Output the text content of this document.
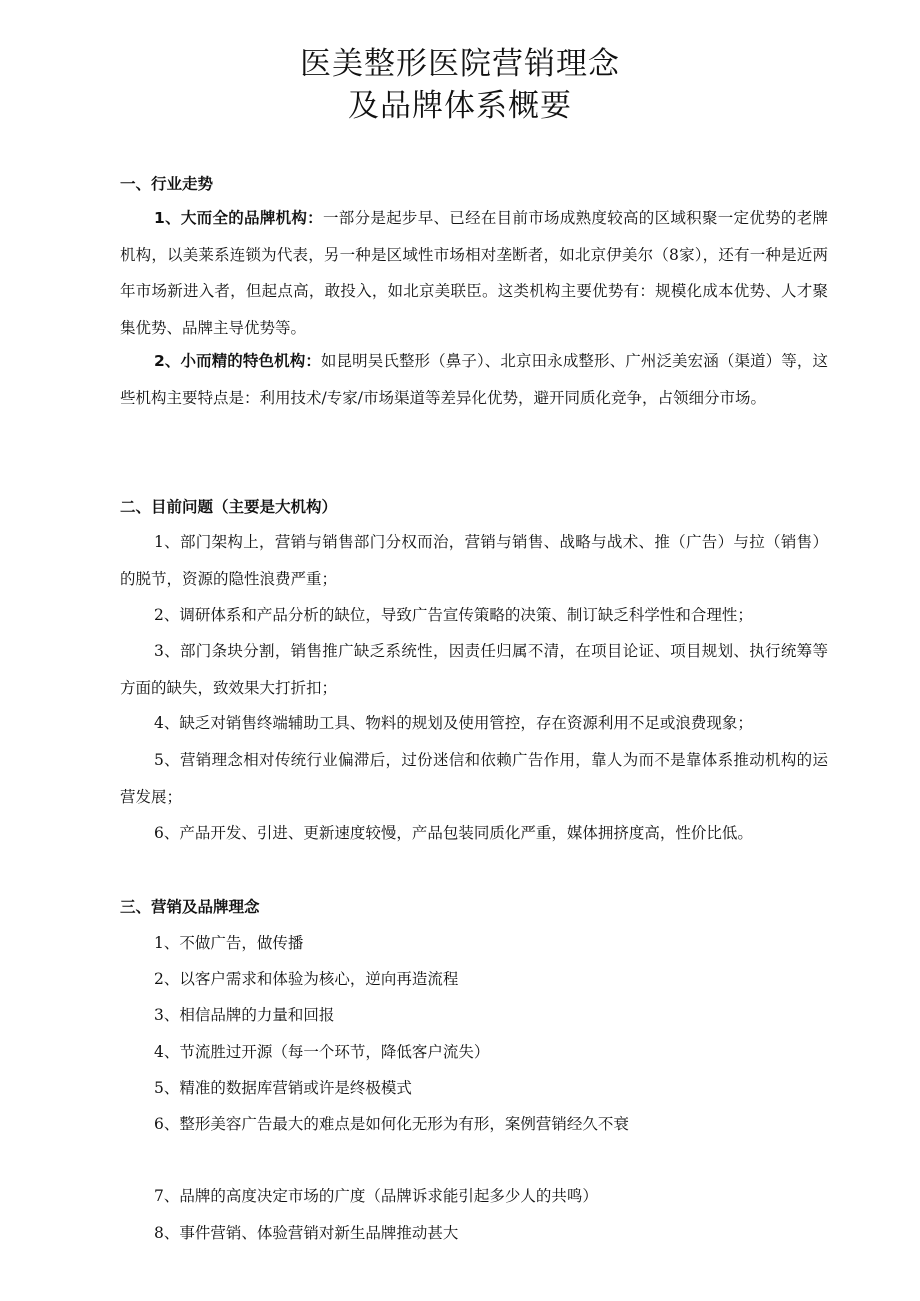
医美整形医院营销理念
及品牌体系概要
一、行业走势

1、大而全的品牌机构：一部分是起步早、已经在目前市场成熟度较高的区域积聚一定优势的老牌机构，以美莱系连锁为代表，另一种是区域性市场相对垄断者，如北京伊美尔（8家），还有一种是近两年市场新进入者，但起点高，敢投入，如北京美联臣。这类机构主要优势有：规模化成本优势、人才聚集优势、品牌主导优势等。

2、小而精的特色机构：如昆明吴氏整形（鼻子）、北京田永成整形、广州泛美宏涵（渠道）等，这些机构主要特点是：利用技术/专家/市场渠道等差异化优势，避开同质化竞争，占领细分市场。

二、目前问题（主要是大机构）

1、部门架构上，营销与销售部门分权而治，营销与销售、战略与战术、推（广告）与拉（销售）的脱节，资源的隐性浪费严重；

2、调研体系和产品分析的缺位，导致广告宣传策略的决策、制订缺乏科学性和合理性；

3、部门条块分割，销售推广缺乏系统性，因责任归属不清，在项目论证、项目规划、执行统筹等方面的缺失，致效果大打折扣；

4、缺乏对销售终端辅助工具、物料的规划及使用管控，存在资源利用不足或浪费现象；

5、营销理念相对传统行业偏滞后，过份迷信和依赖广告作用，靠人为而不是靠体系推动机构的运营发展；

6、产品开发、引进、更新速度较慢，产品包装同质化严重，媒体拥挤度高，性价比低。

三、营销及品牌理念
1、不做广告，做传播
2、以客户需求和体验为核心，逆向再造流程
3、相信品牌的力量和回报
4、节流胜过开源（每一个环节，降低客户流失）
5、精准的数据库营销或许是终极模式
6、整形美容广告最大的难点是如何化无形为有形，案例营销经久不衰
7、品牌的高度决定市场的广度（品牌诉求能引起多少人的共鸣）
8、事件营销、体验营销对新生品牌推动甚大
